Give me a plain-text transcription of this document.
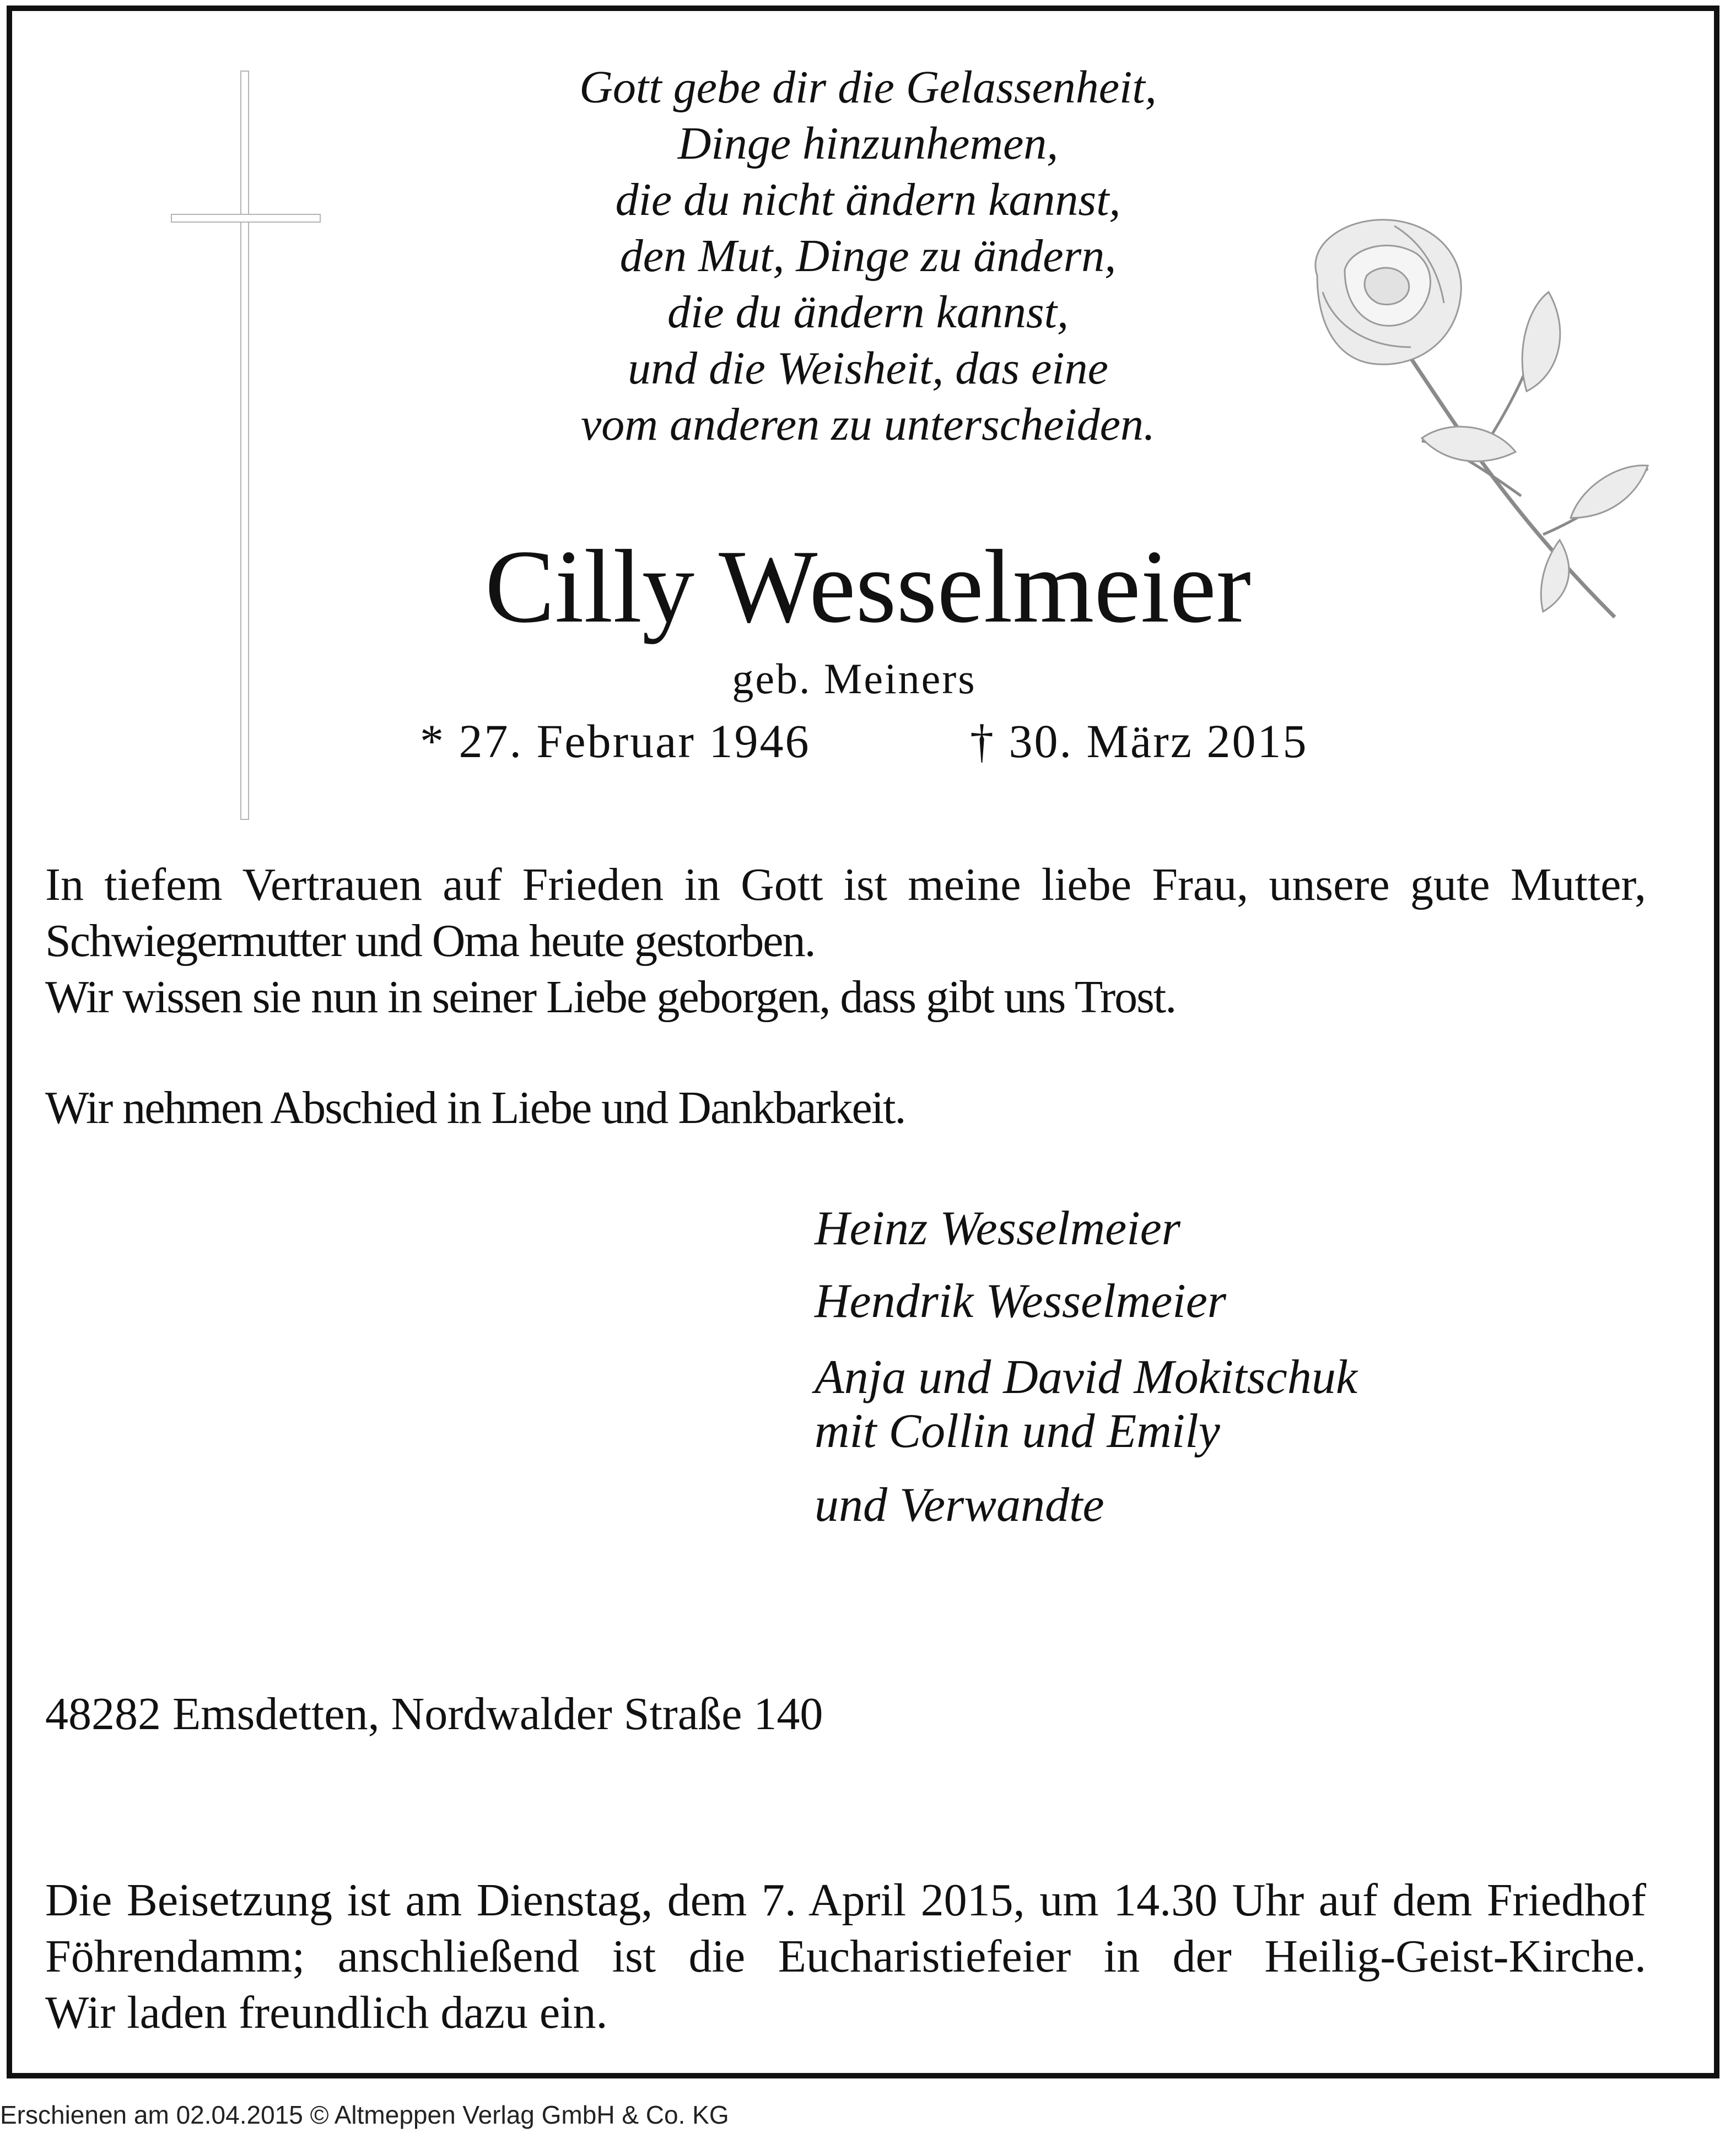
Gott gebe dir die Gelassenheit,
Dinge hinzunhemen,
die du nicht ändern kannst,
den Mut, Dinge zu ändern,
die du ändern kannst,
und die Weisheit, das eine
vom anderen zu unterscheiden.
Cilly Wesselmeier
geb. Meiners
* 27. Februar 1946	† 30. März 2015
In tiefem Vertrauen auf Frieden in Gott ist meine liebe Frau, unsere gute Mutter,
Schwiegermutter und Oma heute gestorben.
Wir wissen sie nun in seiner Liebe geborgen, dass gibt uns Trost.
Wir nehmen Abschied in Liebe und Dankbarkeit.
Heinz Wesselmeier
Hendrik Wesselmeier
Anja und David Mokitschuk
mit Collin und Emily
und Verwandte
48282 Emsdetten, Nordwalder Straße 140
Die Beisetzung ist am Dienstag, dem 7. April 2015, um 14.30 Uhr auf dem Friedhof
Föhrendamm; anschließend ist die Eucharistiefeier in der Heilig-Geist-Kirche.
Wir laden freundlich dazu ein.
Erschienen am 02.04.2015 © Altmeppen Verlag GmbH & Co. KG
